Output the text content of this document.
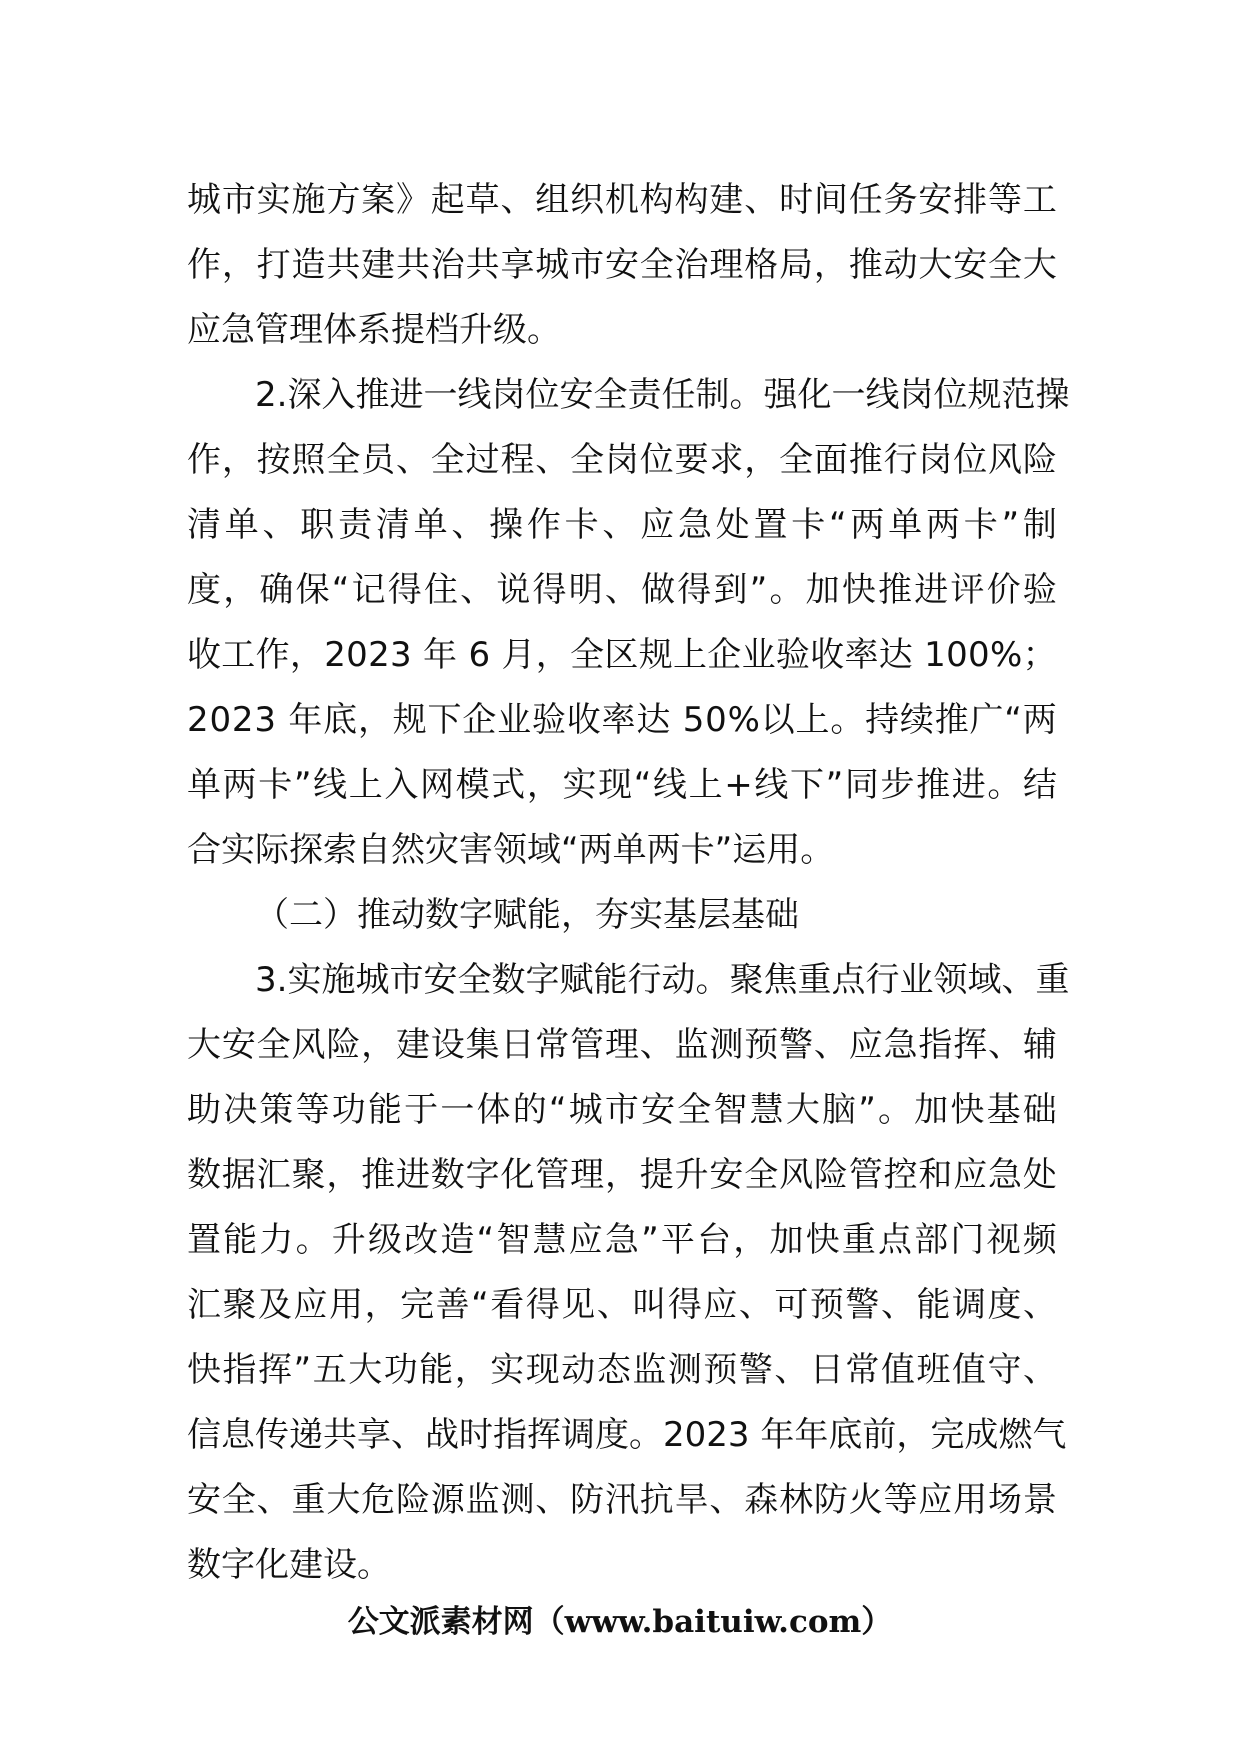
城 市 实 施 方 案 》 起 草 、 组 织 机 构 构 建 、 时 间 任 务 安 排 等 工
作 ， 打 造 共 建 共 治 共 享 城 市 安 全 治 理 格 局 ， 推 动 大 安 全 大
应急管理体系提档升级。
2.深入推进一线岗位安全责任制。强化一线岗位规范操
作 ， 按 照 全 员 、 全 过 程 、 全 岗 位 要 求 ， 全 面 推 行 岗 位 风 险
清 单 、 职 责 清 单 、 操 作 卡 、 应 急 处 置 卡 “ 两 单 两 卡 ” 制
度 ， 确 保 “ 记 得 住 、 说 得 明 、 做 得 到 ” 。 加 快 推 进 评 价 验
收 工 作 ， 2 0 2 3
年
6
月 ， 全 区 规 上 企 业 验 收 率 达
1 0 0 % ；
2 0 2 3
年 底 ， 规 下 企 业 验 收 率 达
5 0 % 以 上 。 持 续 推 广 “ 两
单 两 卡 ” 线 上 入 网 模 式 ， 实 现 “ 线 上 + 线 下 ” 同 步 推 进 。 结
合实际探索自然灾害领域“两单两卡”运用。
（二）推动数字赋能，夯实基层基础
3.实施城市安全数字赋能行动。聚焦重点行业领域、重
大 安 全 风 险 ， 建 设 集 日 常 管 理 、 监 测 预 警 、 应 急 指 挥 、 辅
助 决 策 等 功 能 于 一 体 的 “ 城 市 安 全 智 慧 大 脑 ” 。 加 快 基 础
数 据 汇 聚 ， 推 进 数 字 化 管 理 ， 提 升 安 全 风 险 管 控 和 应 急 处
置 能 力 。 升 级 改 造 “ 智 慧 应 急 ” 平 台 ， 加 快 重 点 部 门 视 频
汇 聚 及 应 用 ， 完 善 “ 看 得 见 、 叫 得 应 、 可 预 警 、 能 调 度 、
快 指 挥 ” 五 大 功 能 ， 实 现 动 态 监 测 预 警 、 日 常 值 班 值 守 、
信 息 传 递 共 享 、 战 时 指 挥 调 度 。 2 0 2 3
年 年 底 前 ， 完 成 燃 气
安 全 、 重 大 危 险 源 监 测 、 防 汛 抗 旱 、 森 林 防 火 等 应 用 场 景
数字化建设。
公文派素材网（www.baituiw.com）
